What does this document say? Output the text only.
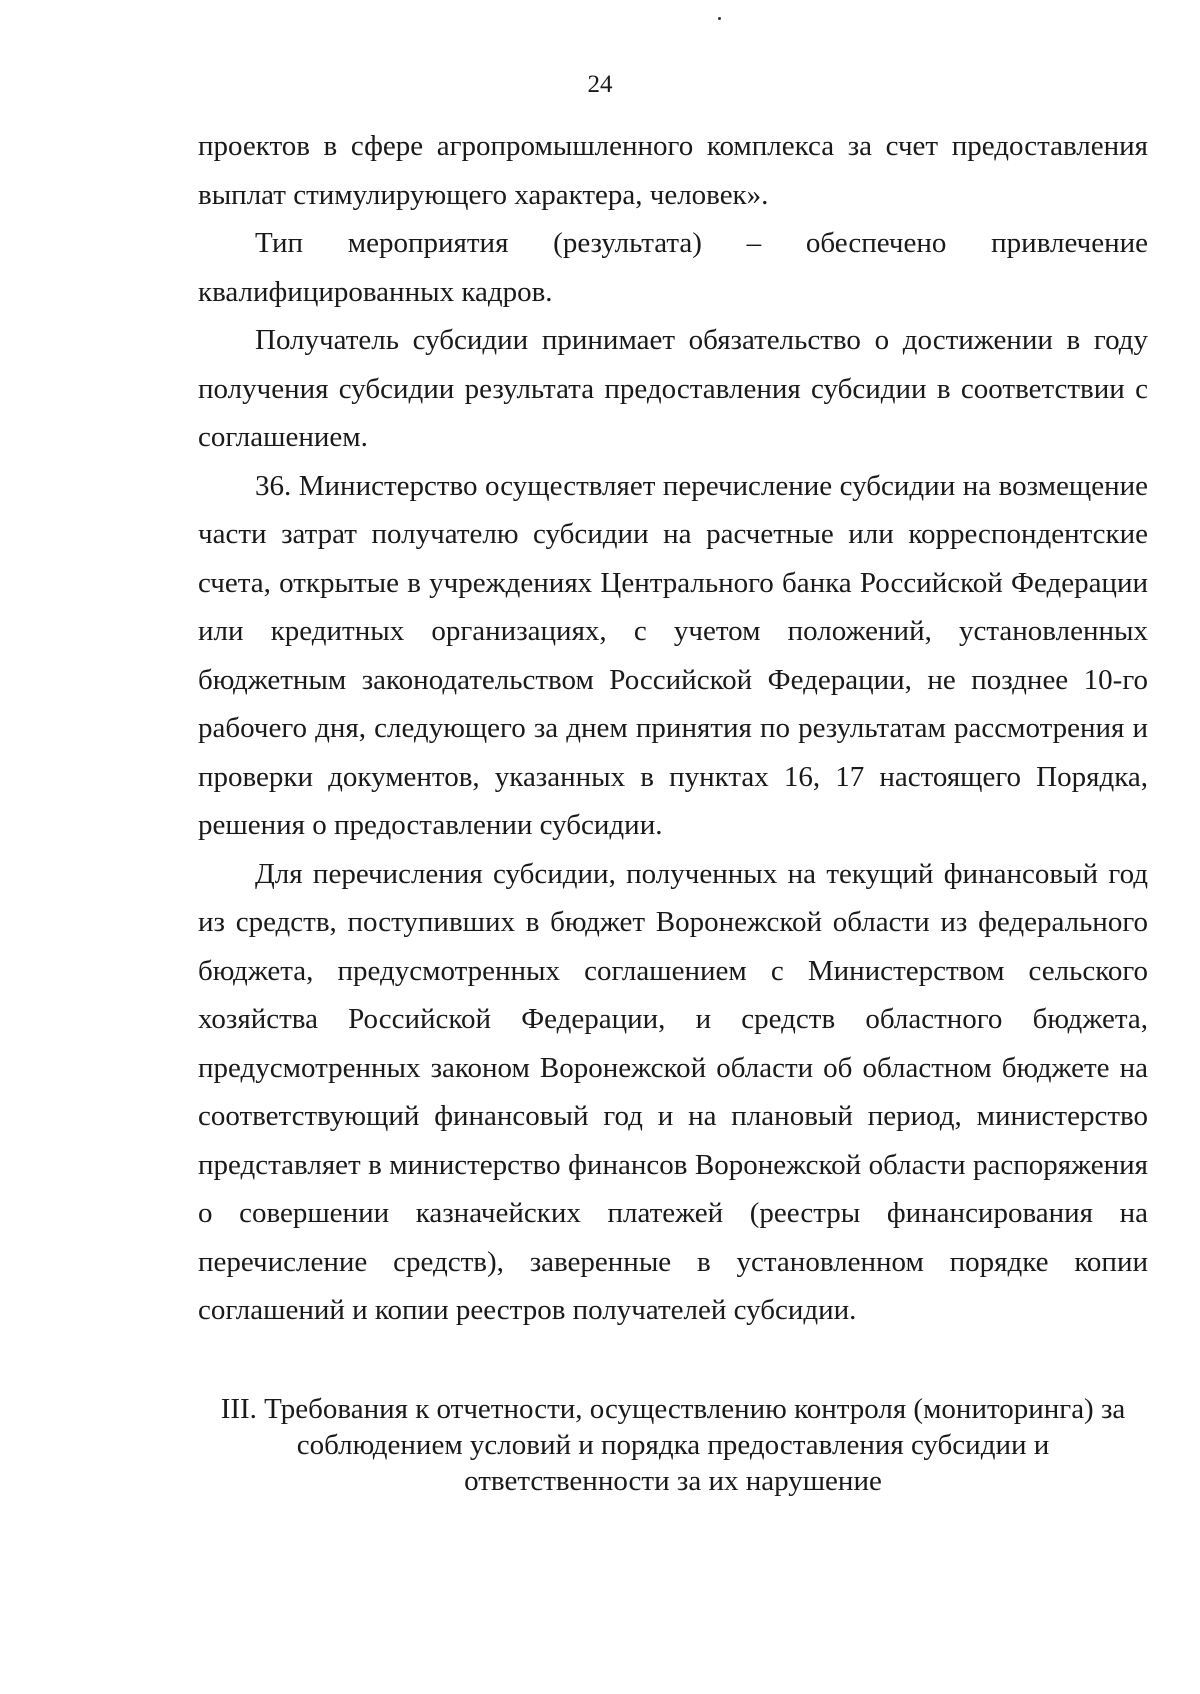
24

проектов в сфере агропромышленного комплекса за счет предоставления выплат стимулирующего характера, человек».

Тип мероприятия (результата) – обеспечено привлечение квалифицированных кадров.

Получатель субсидии принимает обязательство о достижении в году получения субсидии результата предоставления субсидии в соответствии с соглашением.

36. Министерство осуществляет перечисление субсидии на возмещение части затрат получателю субсидии на расчетные или корреспондентские счета, открытые в учреждениях Центрального банка Российской Федерации или кредитных организациях, с учетом положений, установленных бюджетным законодательством Российской Федерации, не позднее 10-го рабочего дня, следующего за днем принятия по результатам рассмотрения и проверки документов, указанных в пунктах 16, 17 настоящего Порядка, решения о предоставлении субсидии.

Для перечисления субсидии, полученных на текущий финансовый год из средств, поступивших в бюджет Воронежской области из федерального бюджета, предусмотренных соглашением с Министерством сельского хозяйства Российской Федерации, и средств областного бюджета, предусмотренных законом Воронежской области об областном бюджете на соответствующий финансовый год и на плановый период, министерство представляет в министерство финансов Воронежской области распоряжения о совершении казначейских платежей (реестры финансирования на перечисление средств), заверенные в установленном порядке копии соглашений и копии реестров получателей субсидии.

III. Требования к отчетности, осуществлению контроля (мониторинга) за соблюдением условий и порядка предоставления субсидии и ответственности за их нарушение
